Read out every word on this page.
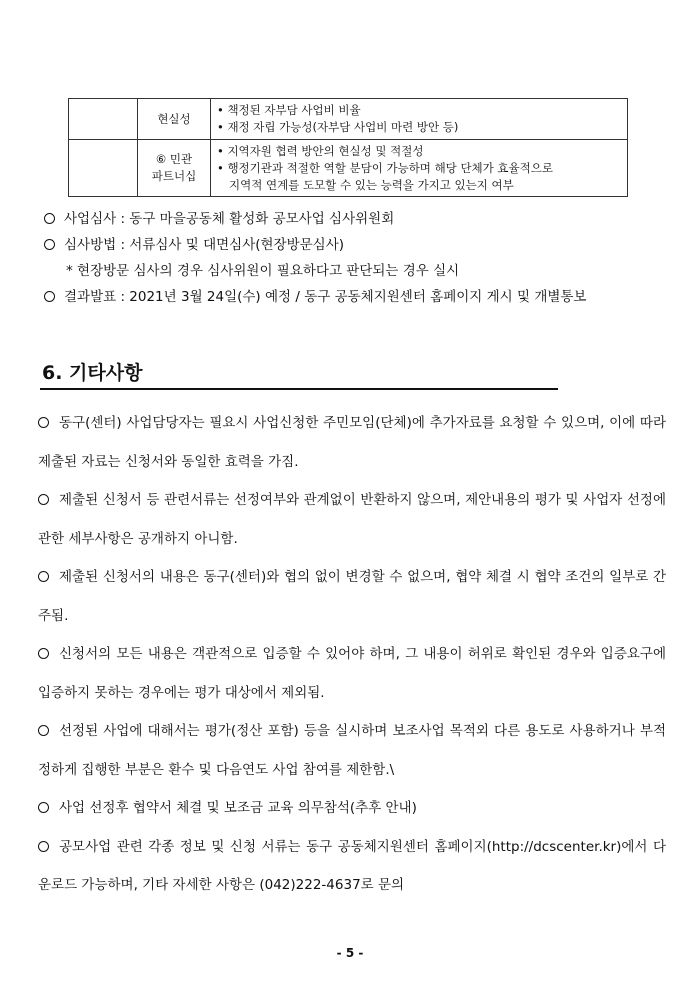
	현실성	• 책정된 자부담 사업비 비율
• 재정 자립 가능성(자부담 사업비 마련 방안 등)

	⑥ 민관
파트너십	• 지역자원 협력 방안의 현실성 및 적절성
• 행정기관과 적절한 역할 분담이 가능하며 해당 단체가 효율적으로
지역적 연계를 도모할 수 있는 능력을 가지고 있는지 여부
사업심사 : 동구 마을공동체 활성화 공모사업 심사위원회
심사방법 : 서류심사 및 대면심사(현장방문심사)
* 현장방문 심사의 경우 심사위원이 필요하다고 판단되는 경우 실시
결과발표 : 2021년 3월 24일(수) 예정 / 동구 공동체지원센터 홈페이지 게시 및 개별통보
6. 기타사항
동구(센터) 사업담당자는 필요시 사업신청한 주민모임(단체)에 추가자료를 요청할 수 있으며, 이에 따라 제출된 자료는 신청서와 동일한 효력을 가짐.
제출된 신청서 등 관련서류는 선정여부와 관계없이 반환하지 않으며, 제안내용의 평가 및 사업자 선정에 관한 세부사항은 공개하지 아니함.
제출된 신청서의 내용은 동구(센터)와 협의 없이 변경할 수 없으며, 협약 체결 시 협약 조건의 일부로 간주됨.
신청서의 모든 내용은 객관적으로 입증할 수 있어야 하며, 그 내용이 허위로 확인된 경우와 입증요구에 입증하지 못하는 경우에는 평가 대상에서 제외됨.
선정된 사업에 대해서는 평가(정산 포함) 등을 실시하며 보조사업 목적외 다른 용도로 사용하거나 부적정하게 집행한 부분은 환수 및 다음연도 사업 참여를 제한함.\
사업 선정후 협약서 체결 및 보조금 교육 의무참석(추후 안내)
공모사업 관련 각종 정보 및 신청 서류는 동구 공동체지원센터 홈페이지(http://dcscenter.kr)에서 다운로드 가능하며, 기타 자세한 사항은 (042)222-4637로 문의
- 5 -
